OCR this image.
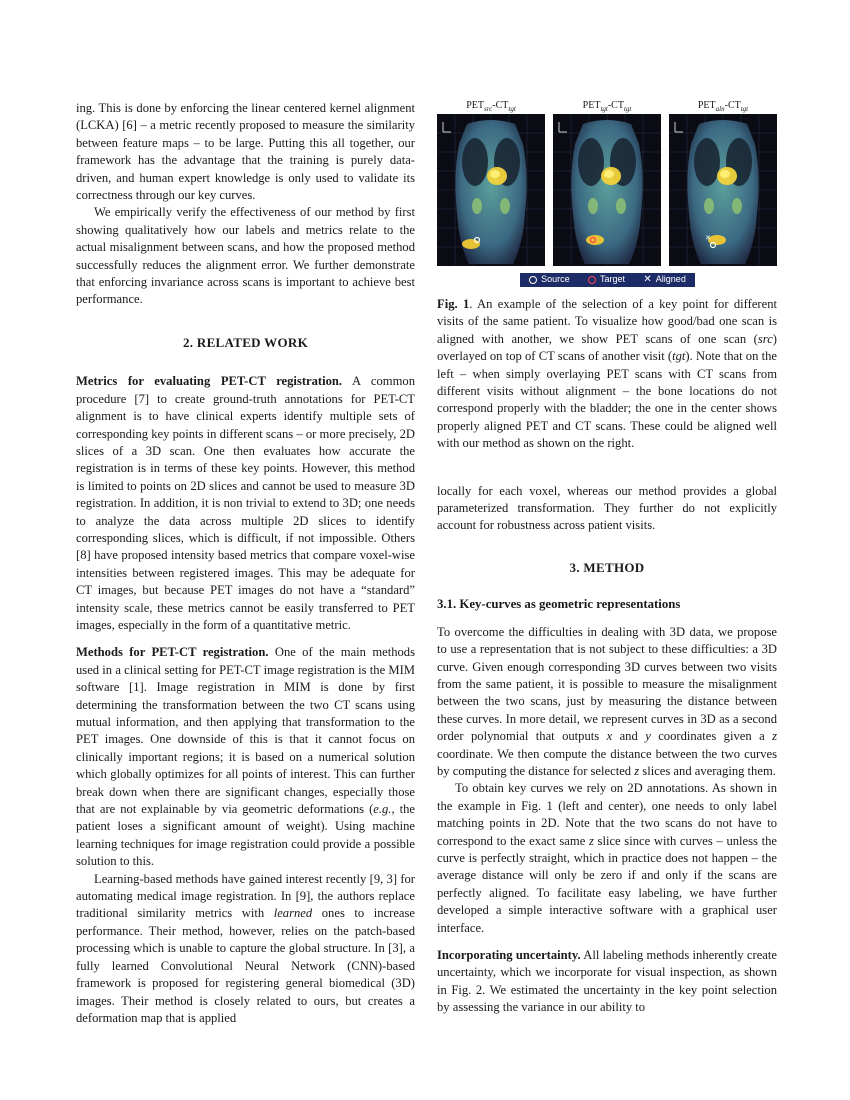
ing. This is done by enforcing the linear centered kernel alignment (LCKA) [6] – a metric recently proposed to measure the similarity between feature maps – to be large. Putting this all together, our framework has the advantage that the training is purely data-driven, and human expert knowledge is only used to validate its correctness through our key curves.

We empirically verify the effectiveness of our method by first showing qualitatively how our labels and metrics relate to the actual misalignment between scans, and how the proposed method successfully reduces the alignment error. We further demonstrate that enforcing invariance across scans is important to achieve best performance.

2. RELATED WORK

Metrics for evaluating PET-CT registration. A common procedure [7] to create ground-truth annotations for PET-CT alignment is to have clinical experts identify multiple sets of corresponding key points in different scans – or more precisely, 2D slices of a 3D scan. One then evaluates how accurate the registration is in terms of these key points. However, this method is limited to points on 2D slices and cannot be used to measure 3D registration. In addition, it is non trivial to extend to 3D; one needs to analyze the data across multiple 2D slices to identify corresponding slices, which is difficult, if not impossible. Others [8] have proposed intensity based metrics that compare voxel-wise intensities between registered images. This may be adequate for CT images, but because PET images do not have a “standard” intensity scale, these metrics cannot be easily transferred to PET images, especially in the form of a quantitative metric.

Methods for PET-CT registration. One of the main methods used in a clinical setting for PET-CT image registration is the MIM software [1]. Image registration in MIM is done by first determining the transformation between the two CT scans using mutual information, and then applying that transformation to the PET images. One downside of this is that it cannot focus on clinically important regions; it is based on a numerical solution which globally optimizes for all points of interest. This can further break down when there are significant changes, especially those that are not explainable by via geometric deformations (e.g., the patient loses a significant amount of weight). Using machine learning techniques for image registration could provide a possible solution to this.

Learning-based methods have gained interest recently [9, 3] for automating medical image registration. In [9], the authors replace traditional similarity metrics with learned ones to increase performance. Their method, however, relies on the patch-based processing which is unable to capture the global structure. In [3], a fully learned Convolutional Neural Network (CNN)-based framework is proposed for registering general biomedical (3D) images. Their method is closely related to ours, but creates a deformation map that is applied

$PET_{src}-CT_{tgt}$	$PET_{tgt}-CT_{tgt}$	$PET_{aln}-CT_{tgt}$
✕
Source	Target ✕ Aligned

Fig. 1. An example of the selection of a key point for different visits of the same patient. To visualize how good/bad one scan is aligned with another, we show PET scans of one scan (src) overlayed on top of CT scans of another visit (tgt). Note that on the left – when simply overlaying PET scans with CT scans from different visits without alignment – the bone locations do not correspond properly with the bladder; the one in the center shows properly aligned PET and CT scans. These could be aligned well with our method as shown on the right.

locally for each voxel, whereas our method provides a global parameterized transformation. They further do not explicitly account for robustness across patient visits.

3. METHOD
3.1. Key-curves as geometric representations

To overcome the difficulties in dealing with 3D data, we propose to use a representation that is not subject to these difficulties: a 3D curve. Given enough corresponding 3D curves between two visits from the same patient, it is possible to measure the misalignment between the two scans, just by measuring the distance between these curves. In more detail, we represent curves in 3D as a second order polynomial that outputs x and y coordinates given a z coordinate. We then compute the distance between the two curves by computing the distance for selected z slices and averaging them.

To obtain key curves we rely on 2D annotations. As shown in the example in Fig. 1 (left and center), one needs to only label matching points in 2D. Note that the two scans do not have to correspond to the exact same z slice since with curves – unless the curve is perfectly straight, which in practice does not happen – the average distance will only be zero if and only if the scans are perfectly aligned. To facilitate easy labeling, we have further developed a simple interactive software with a graphical user interface.

Incorporating uncertainty. All labeling methods inherently create uncertainty, which we incorporate for visual inspection, as shown in Fig. 2. We estimated the uncertainty in the key point selection by assessing the variance in our ability to
